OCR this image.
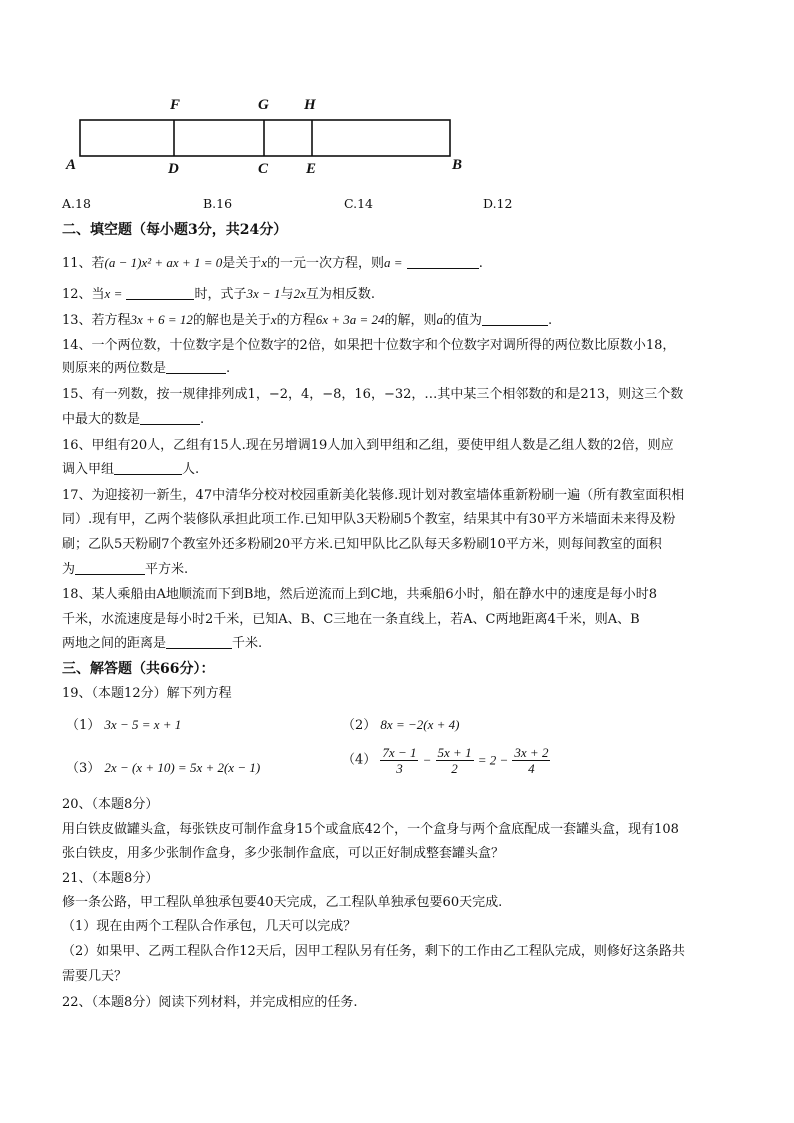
F	G H
A	D	C	E	B
A.18	B.16	C.14	D.12
二、填空题（每小题3分，共24分）
11、若(a − 1)x² + ax + 1 = 0是关于x的一元一次方程，则a =	.
12、当x =	时，式子3x − 1与2x互为相反数.
13、若方程3x + 6 = 12的解也是关于x的方程6x + 3a = 24的解，则a的值为	.
14、一个两位数，十位数字是个位数字的2倍，如果把十位数字和个位数字对调所得的两位数比原数小18，
则原来的两位数是	.
15、有一列数，按一规律排列成1，−2，4，−8，16，−32，…其中某三个相邻数的和是213，则这三个数
中最大的数是	.
16、甲组有20人，乙组有15人.现在另增调19人加入到甲组和乙组，要使甲组人数是乙组人数的2倍，则应
调入甲组	人.
17、为迎接初一新生，47中清华分校对校园重新美化装修.现计划对教室墙体重新粉刷一遍（所有教室面积相
同）.现有甲，乙两个装修队承担此项工作.已知甲队3天粉刷5个教室，结果其中有30平方米墙面未来得及粉
刷；乙队5天粉刷7个教室外还多粉刷20平方米.已知甲队比乙队每天多粉刷10平方米，则每间教室的面积
为	平方米.
18、某人乘船由A地顺流而下到B地，然后逆流而上到C地，共乘船6小时，船在静水中的速度是每小时8
千米，水流速度是每小时2千米，已知A、B、C三地在一条直线上，若A、C两地距离4千米，则A、B
两地之间的距离是	千米.
三、解答题（共66分）：
19、（本题12分）解下列方程
（1） 3x − 5 = x + 1	（2） 8x = −2(x + 4)
（3） 2x − (x + 10) = 5x + 2(x − 1)	$(4) \frac{7x - 1}{3} - \frac{5x + 1}{2} = 2 - \frac{3x + 2}{4}$
20、（本题8分）
用白铁皮做罐头盒，每张铁皮可制作盒身15个或盒底42个，一个盒身与两个盒底配成一套罐头盒，现有108
张白铁皮，用多少张制作盒身，多少张制作盒底，可以正好制成整套罐头盒？
21、（本题8分）
修一条公路，甲工程队单独承包要40天完成，乙工程队单独承包要60天完成.
（1）现在由两个工程队合作承包，几天可以完成？
（2）如果甲、乙两工程队合作12天后，因甲工程队另有任务，剩下的工作由乙工程队完成，则修好这条路共
需要几天？
22、（本题8分）阅读下列材料，并完成相应的任务.
